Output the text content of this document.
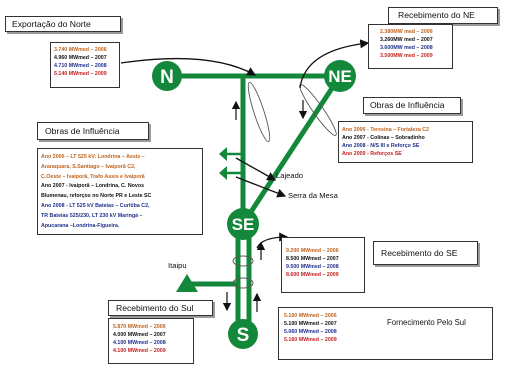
N	NE
SE
S
Lajeado
Serra da Mesa
Itaipu
Exportação do Norte
3.740 MWmed – 2006
4.960 MWmed – 2007
4.710 MWmed – 2008
5.140 MWmed – 2009
Recebimento do NE
2.380MW med – 2006
3.260MW med – 2007
3.600MW med – 2008
3.500MW med – 2009
Obras de Influência
Ano 2006 - Teresina – Fortaleza C2
Ano 2007 - Colinas – Sobradinho
Ano 2008 - N/S III e Reforço SE
Ano 2009 - Reforços SE
Obras de Influência
Ano 2006 – LT 525 kV: Londrina – Assis –
Araraquara, S.Santiago – Ivaiporã C2,
C.Oeste – Ivaiporã, Trafo Assis e Ivaiporã
Ano 2007 - Ivaiporã – Londrina, C. Novos
Blumenau, reforços no Norte PR e Leste SC
Ano 2008 - LT 525 kV Bateias – Curitiba C2,
TR Bateias 525/230, LT 230 kV Maringá –
Apucarana –Londrina-Figueira.
9.200 MWmed – 2006
8.500 MWmed – 2007
9.500 MWmed – 2008
8.600 MWmed – 2009
Recebimento do SE
Recebimento do Sul
5.870 MWmed – 2006
4.000 MWmed – 2007
4.100 MWmed – 2008
4.100 MWmed – 2009
5.100 MWmed – 2006
5.100 MWmed – 2007
5.060 MWmed – 2008
5.160 MWmed – 2009
Fornecimento Pelo Sul
